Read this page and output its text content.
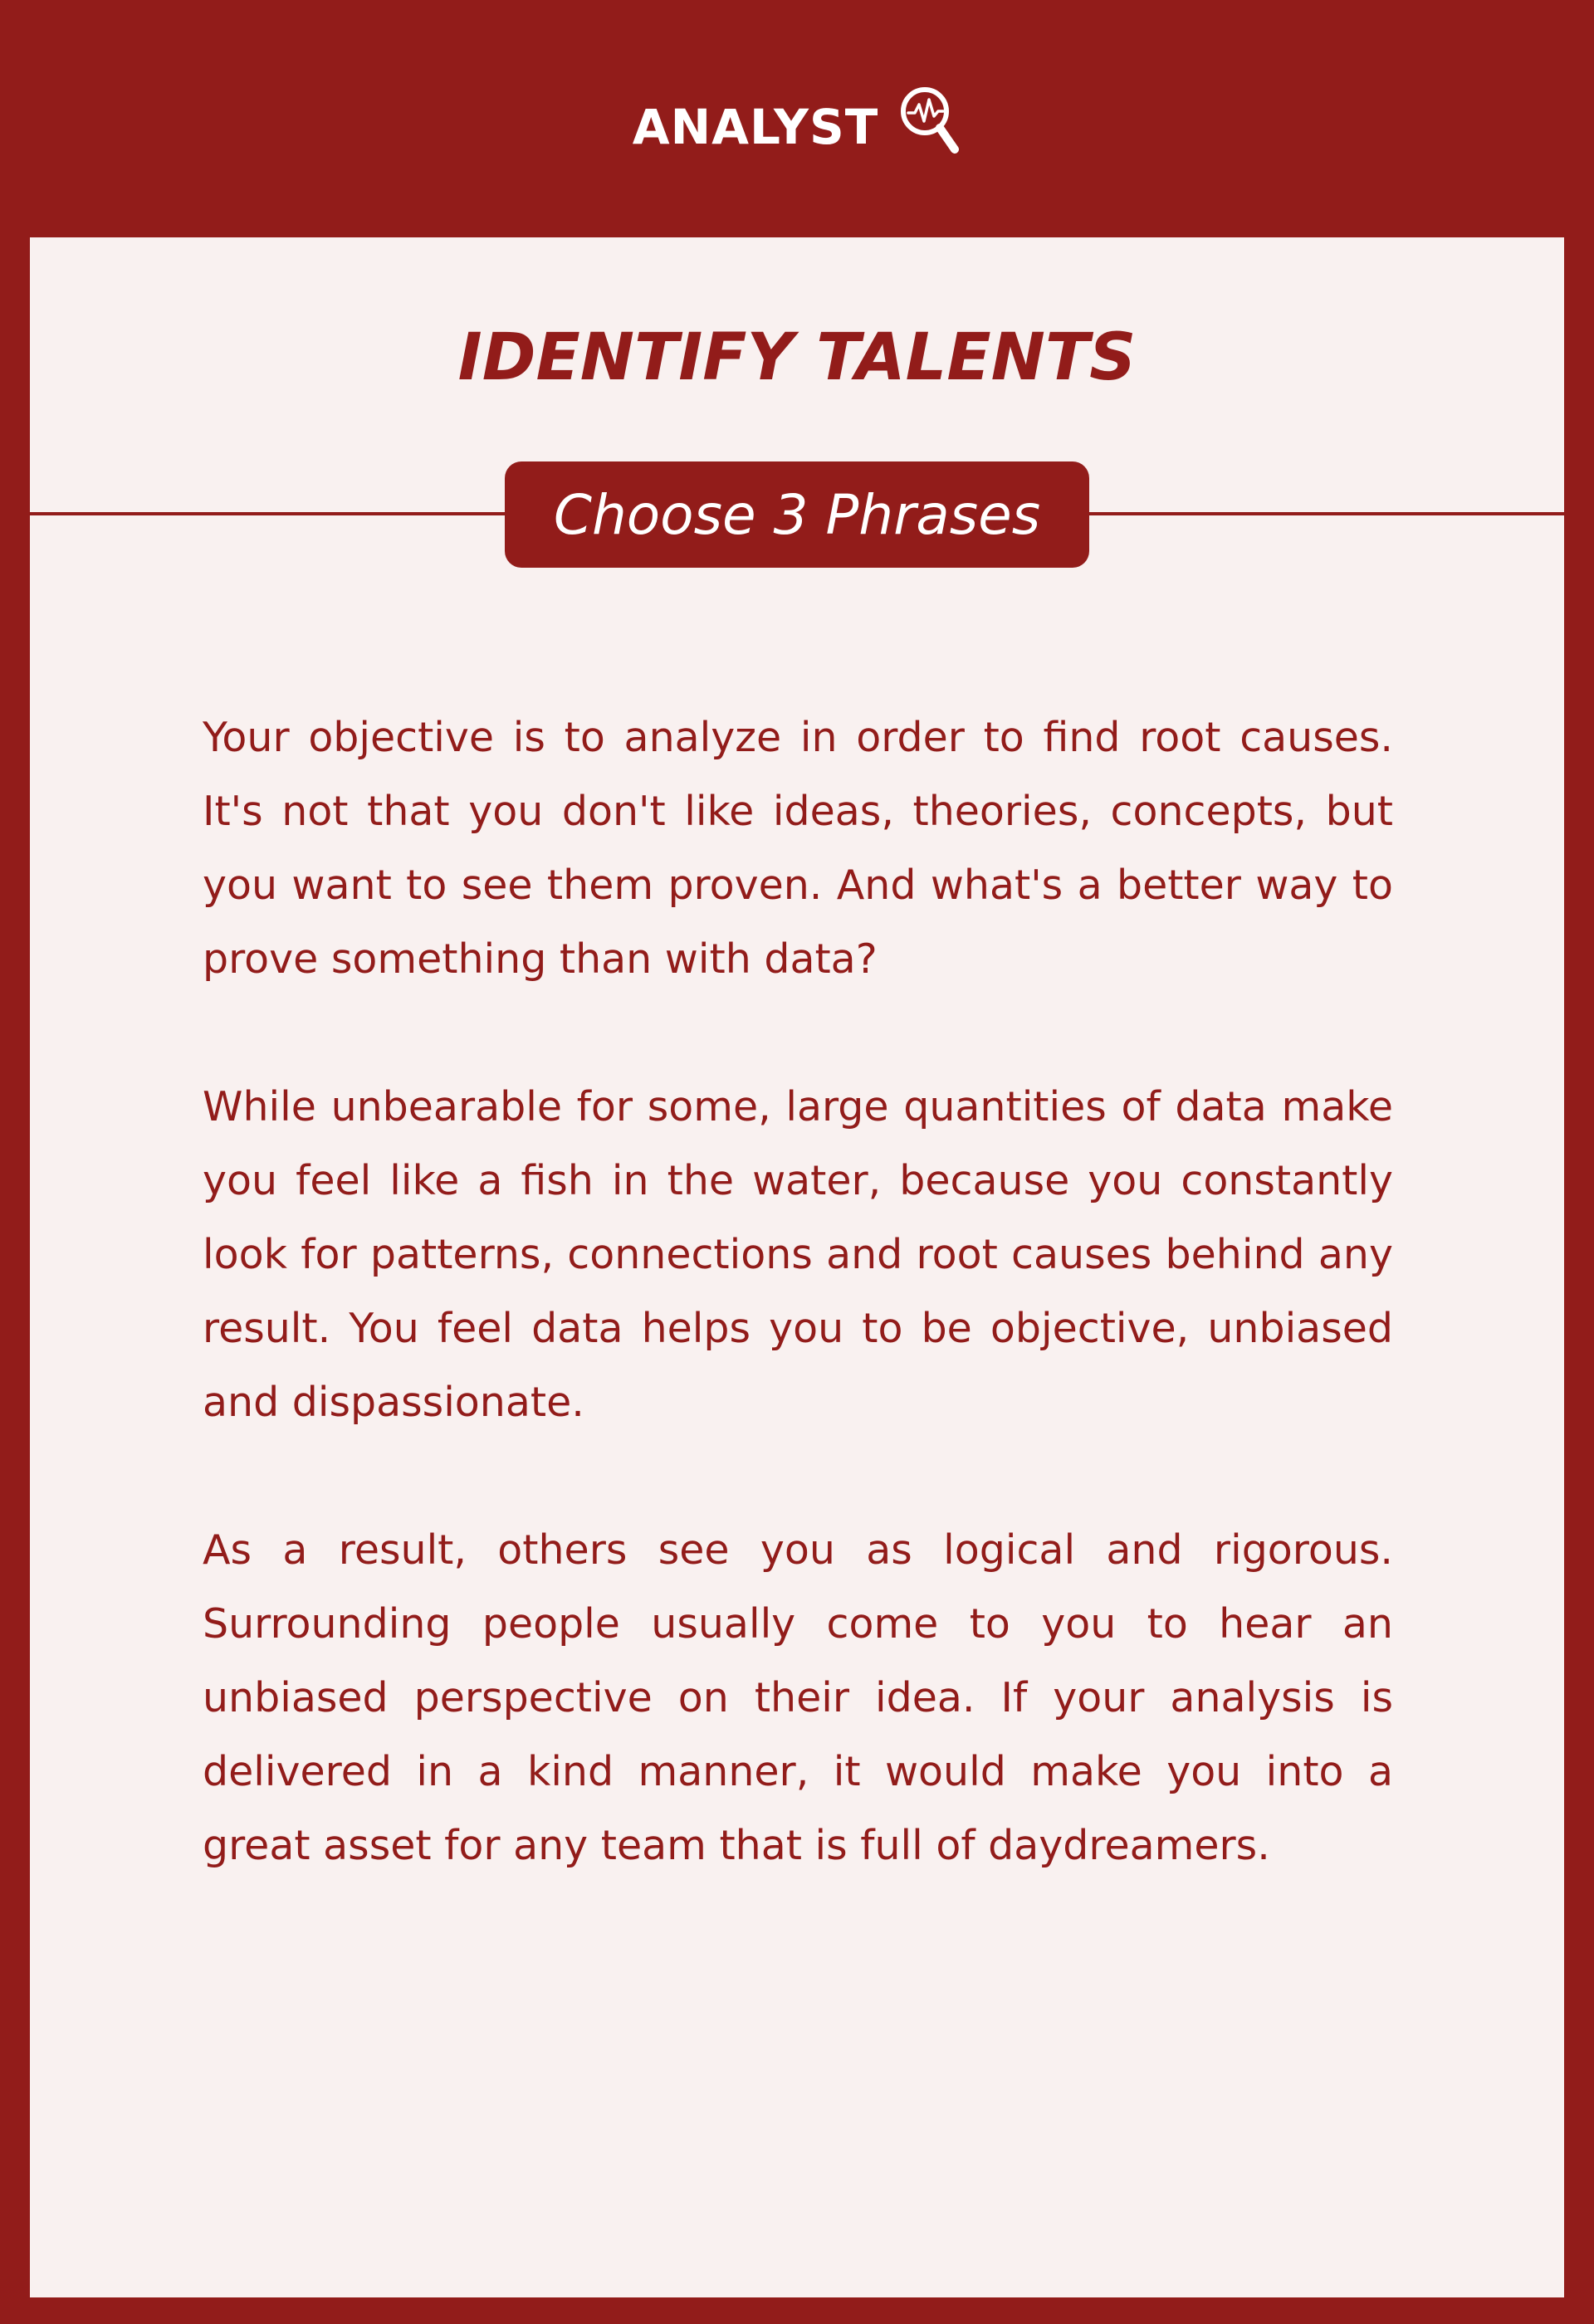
ANALYST
IDENTIFY TALENTS
Choose 3 Phrases

Your objective is to analyze in order to find root causes. It's not that you don't like ideas, theories, concepts, but you want to see them proven. And what's a better way to prove something than with data?

While unbearable for some, large quantities of data make you feel like a fish in the water, because you constantly look for patterns, connections and root causes behind any result. You feel data helps you to be objective, unbiased and dispassionate.

As a result, others see you as logical and rigorous. Surrounding people usually come to you to hear an unbiased perspective on their idea. If your analysis is delivered in a kind manner, it would make you into a great asset for any team that is full of daydreamers.
